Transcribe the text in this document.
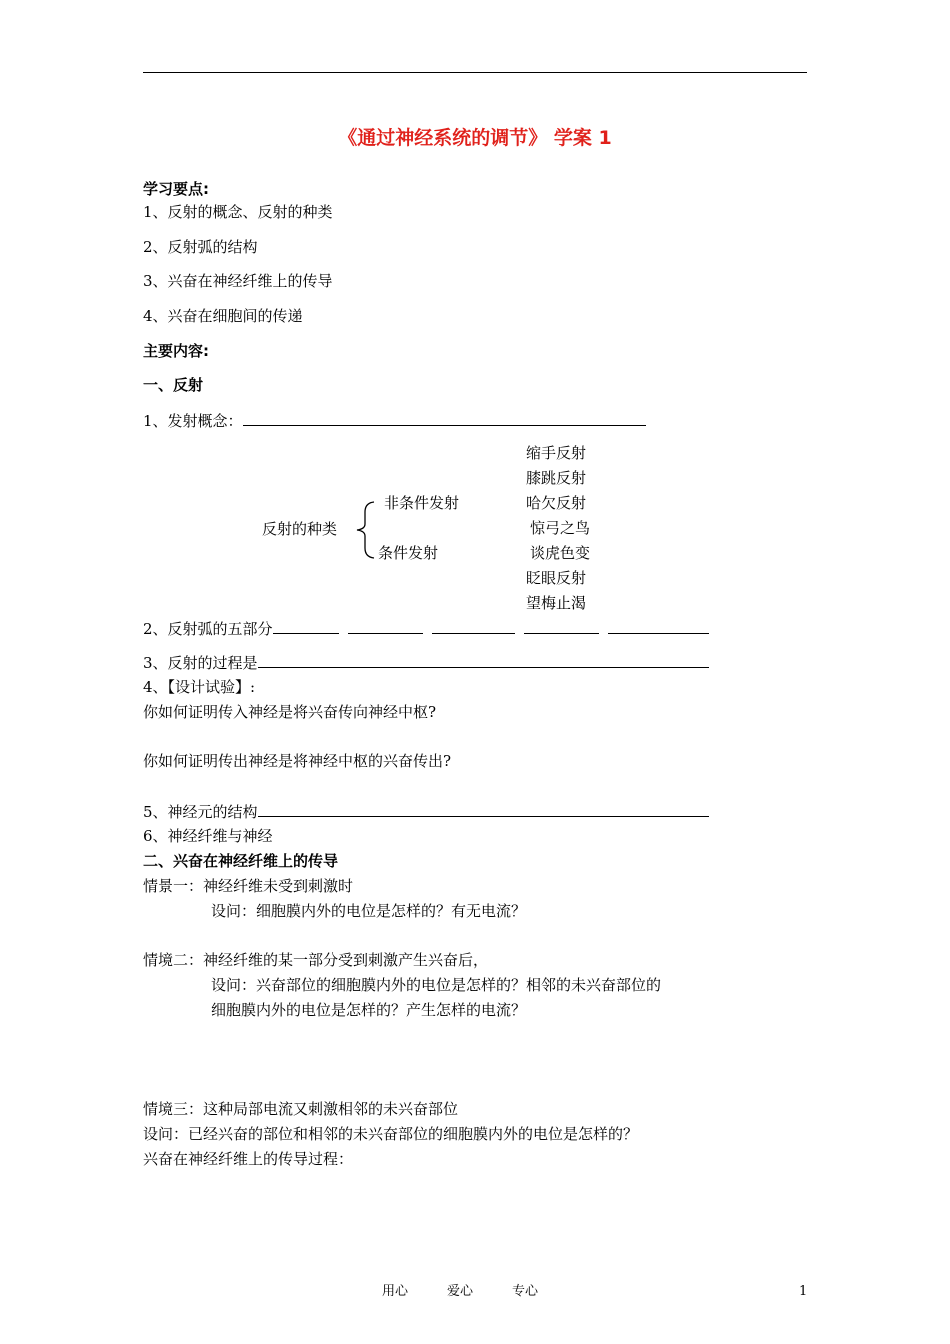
《通过神经系统的调节》 学案 1
学习要点:
1、反射的概念、反射的种类
2、反射弧的结构
3、兴奋在神经纤维上的传导
4、兴奋在细胞间的传递
主要内容:
一、反射
1、发射概念：
反射的种类
非条件发射
条件发射
缩手反射
膝跳反射
哈欠反射
惊弓之鸟
谈虎色变
眨眼反射
望梅止渴
2、反射弧的五部分
3、反射的过程是
4、【设计试验】:
你如何证明传入神经是将兴奋传向神经中枢?
你如何证明传出神经是将神经中枢的兴奋传出?
5、神经元的结构
6、神经纤维与神经
二、兴奋在神经纤维上的传导
情景一：神经纤维未受到刺激时
设问：细胞膜内外的电位是怎样的？有无电流？
情境二：神经纤维的某一部分受到刺激产生兴奋后，
设问：兴奋部位的细胞膜内外的电位是怎样的？相邻的未兴奋部位的
细胞膜内外的电位是怎样的？产生怎样的电流？
情境三：这种局部电流又刺激相邻的未兴奋部位
设问：已经兴奋的部位和相邻的未兴奋部位的细胞膜内外的电位是怎样的？
兴奋在神经纤维上的传导过程：
用心	爱心	专心	1
